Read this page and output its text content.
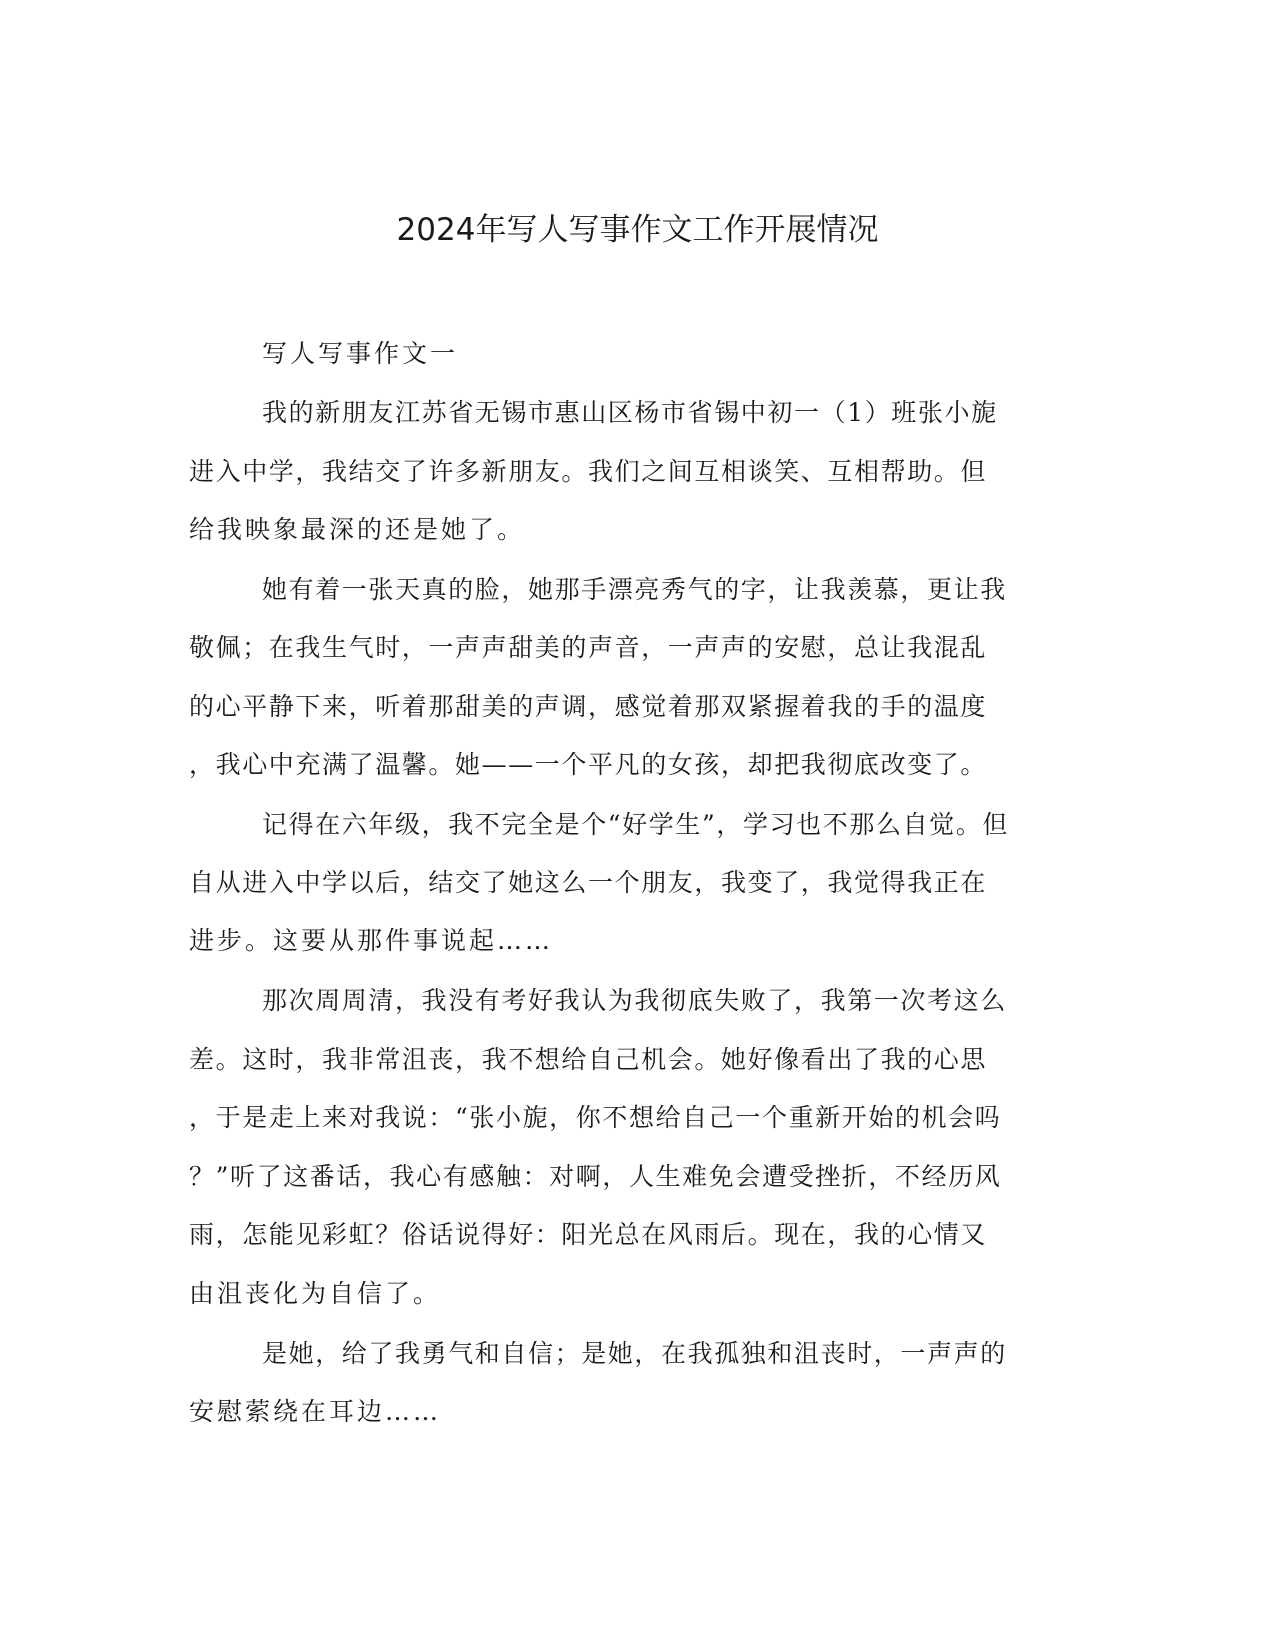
2024年写人写事作文工作开展情况
写人写事作文一
我的新朋友江苏省无锡市惠山区杨市省锡中初一（1）班张小旎
进入中学，我结交了许多新朋友。我们之间互相谈笑、互相帮助。但
给我映象最深的还是她了。
她有着一张天真的脸，她那手漂亮秀气的字，让我羡慕，更让我
敬佩；在我生气时，一声声甜美的声音，一声声的安慰，总让我混乱
的心平静下来，听着那甜美的声调，感觉着那双紧握着我的手的温度
，我心中充满了温馨。她——一个平凡的女孩，却把我彻底改变了。
记得在六年级，我不完全是个“好学生”，学习也不那么自觉。但
自从进入中学以后，结交了她这么一个朋友，我变了，我觉得我正在
进步。这要从那件事说起……
那次周周清，我没有考好我认为我彻底失败了，我第一次考这么
差。这时，我非常沮丧，我不想给自己机会。她好像看出了我的心思
，于是走上来对我说：“张小旎，你不想给自己一个重新开始的机会吗
？”听了这番话，我心有感触：对啊，人生难免会遭受挫折，不经历风
雨，怎能见彩虹？俗话说得好：阳光总在风雨后。现在，我的心情又
由沮丧化为自信了。
是她，给了我勇气和自信；是她，在我孤独和沮丧时，一声声的
安慰萦绕在耳边……
